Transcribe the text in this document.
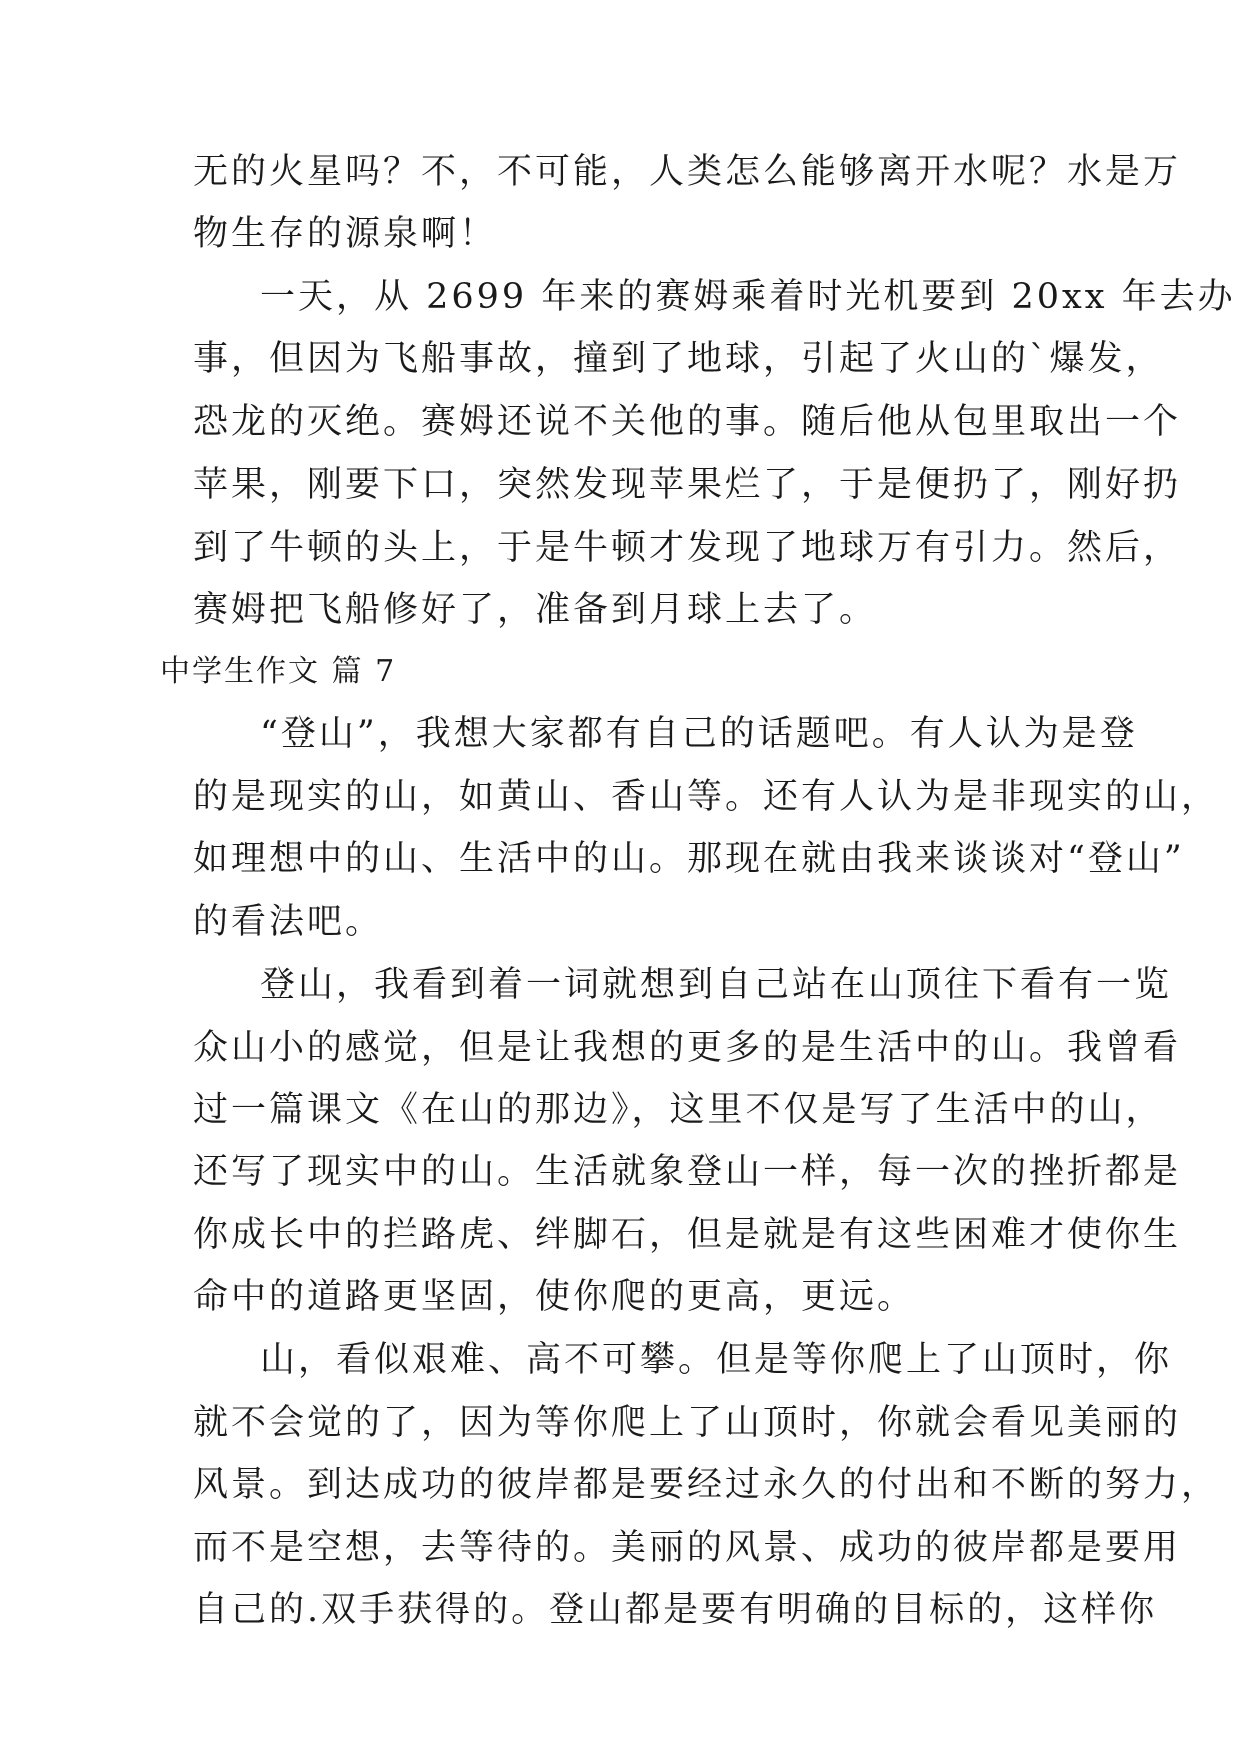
无的火星吗？不，不可能，人类怎么能够离开水呢？水是万
物生存的源泉啊！
一天，从 2699 年来的赛姆乘着时光机要到 20xx 年去办
事，但因为飞船事故，撞到了地球，引起了火山的`爆发，
恐龙的灭绝。赛姆还说不关他的事。随后他从包里取出一个
苹果，刚要下口，突然发现苹果烂了，于是便扔了，刚好扔
到了牛顿的头上，于是牛顿才发现了地球万有引力。然后，
赛姆把飞船修好了，准备到月球上去了。
中学生作文 篇 7
“登山”，我想大家都有自己的话题吧。有人认为是登
的是现实的山，如黄山、香山等。还有人认为是非现实的山，
如理想中的山、生活中的山。那现在就由我来谈谈对“登山”
的看法吧。
登山，我看到着一词就想到自己站在山顶往下看有一览
众山小的感觉，但是让我想的更多的是生活中的山。我曾看
过一篇课文《在山的那边》，这里不仅是写了生活中的山，
还写了现实中的山。生活就象登山一样，每一次的挫折都是
你成长中的拦路虎、绊脚石，但是就是有这些困难才使你生
命中的道路更坚固，使你爬的更高，更远。
山，看似艰难、高不可攀。但是等你爬上了山顶时，你
就不会觉的了，因为等你爬上了山顶时，你就会看见美丽的
风景。到达成功的彼岸都是要经过永久的付出和不断的努力，
而不是空想，去等待的。美丽的风景、成功的彼岸都是要用
自己的.双手获得的。登山都是要有明确的目标的，这样你
